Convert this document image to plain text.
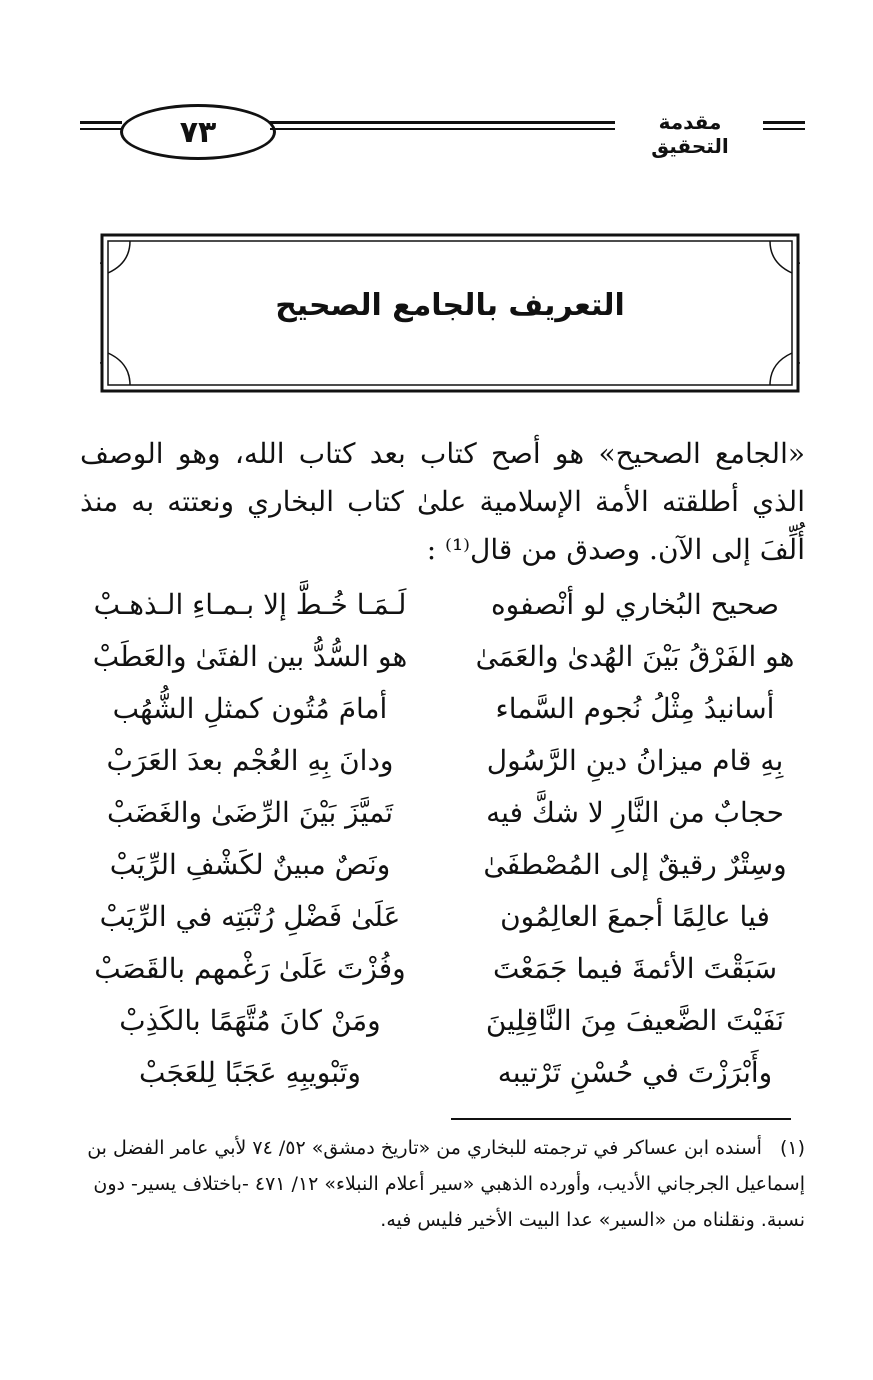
٧٣	مقدمة التحقيق
التعريف بالجامع الصحيح
«الجامع الصحيح» هو أصح كتاب بعد كتاب الله، وهو الوصف الذي أطلقته الأمة الإسلامية علىٰ كتاب البخاري ونعتته به منذ أُلِّفَ إلى الآن. وصدق من قال⁽¹⁾ :
صحيح البُخاري لو أنْصفوه
لَـمَـا خُـطَّ إلا بـمـاءِ الـذهـبْ
هو الفَرْقُ بَيْنَ الهُدىٰ والعَمَىٰ
هو السُّدُّ بين الفتَىٰ والعَطَبْ
أسانيدُ مِثْلُ نُجوم السَّماء
أمامَ مُتُون كمثلِ الشُّهُب
بِهِ قام ميزانُ دينِ الرَّسُول
ودانَ بِهِ العُجْم بعدَ العَرَبْ
حجابٌ من النَّارِ لا شكَّ فيه
تَميَّزَ بَيْنَ الرِّضَىٰ والغَضَبْ
وسِتْرٌ رقيقٌ إلى المُصْطفَىٰ
ونَصٌ مبينٌ لكَشْفِ الرِّيَبْ
فيا عالِمًا أجمعَ العالِمُون
عَلَىٰ فَضْلِ رُتْبَتِه في الرِّيَبْ
سَبَقْتَ الأئمةَ فيما جَمَعْتَ
وفُزْتَ عَلَىٰ رَغْمهم بالقَصَبْ
نَفَيْتَ الضَّعيفَ مِنَ النَّاقِلِينَ
ومَنْ كانَ مُتَّهَمًا بالكَذِبْ
وأَبْرَزْتَ في حُسْنِ تَرْتيبه
وتَبْويبِهِ عَجَبًا لِلعَجَبْ
(١)أسنده ابن عساكر في ترجمته للبخاري من «تاريخ دمشق» ٥٢/ ٧٤ لأبي عامر الفضل بن إسماعيل الجرجاني الأديب، وأورده الذهبي «سير أعلام النبلاء» ١٢/ ٤٧١ -باختلاف يسير- دون نسبة. ونقلناه من «السير» عدا البيت الأخير فليس فيه.
